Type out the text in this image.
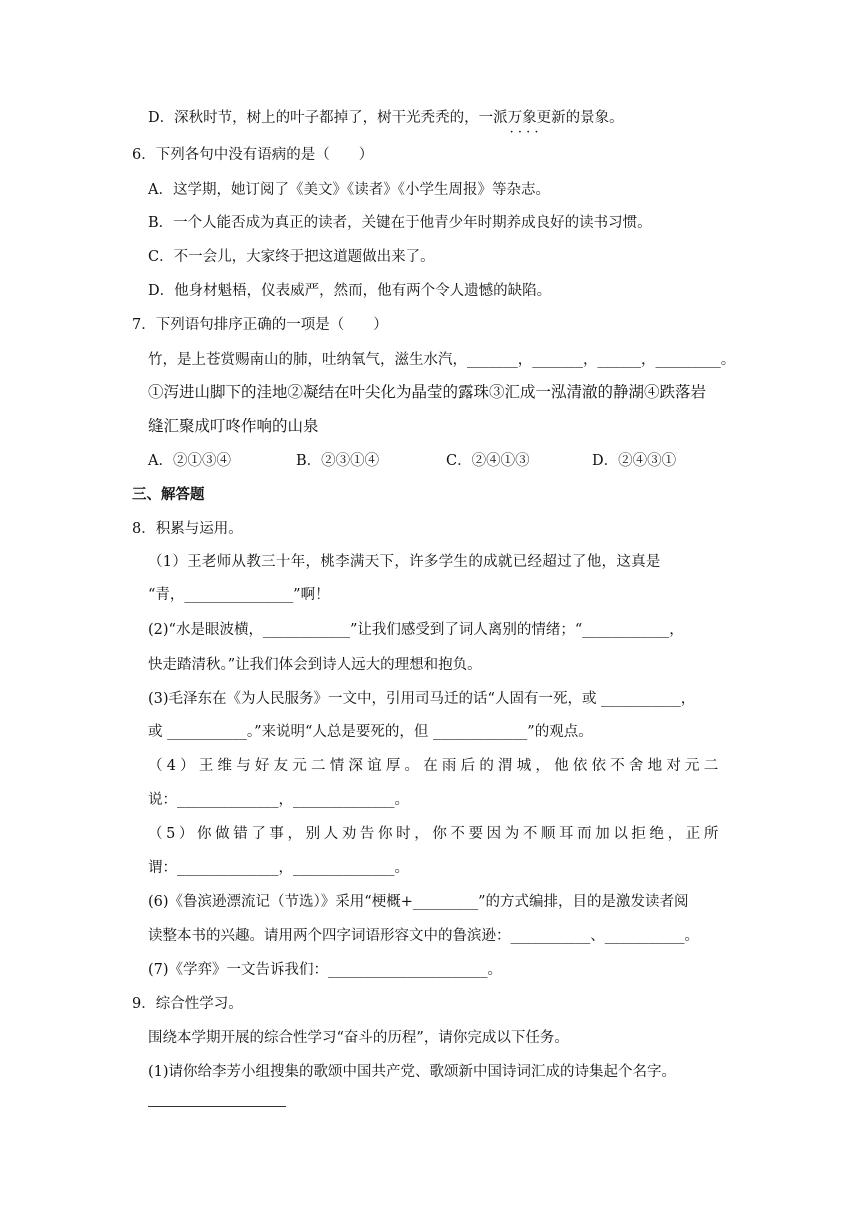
D．深秋时节，树上的叶子都掉了，树干光秃秃的，一派万象更新 · · 的景象。
6．下列各句中没有语病的是（　　）
A．这学期，她订阅了《美文》《读者》《小学生周报》等杂志。
B．一个人能否成为真正的读者，关键在于他青少年时期养成良好的读书习惯。
C．不一会儿，大家终于把这道题做出来了。
D．他身材魁梧，仪表威严，然而，他有两个令人遗憾的缺陷。
7．下列语句排序正确的一项是（　　）
竹，是上苍赏赐南山的肺，吐纳氧气，滋生水汽，_______，_______，______，_________。
①泻进山脚下的洼地②凝结在叶尖化为晶莹的露珠③汇成一泓清澈的静湖④跌落岩
缝汇聚成叮咚作响的山泉
A．②①③④	B．②③①④	C．②④①③	D．②④③①
三、解答题
8．积累与运用。
（1）王老师从教三十年，桃李满天下，许多学生的成就已经超过了他，这真是
“青，_______________”啊！
(2)“水是眼波横，____________”让我们感受到了词人离别的情绪；“____________，
快走踏清秋。”让我们体会到诗人远大的理想和抱负。
(3)毛泽东在《为人民服务》一文中，引用司马迁的话“人固有一死，或 ___________，
或 ___________。”来说明“人总是要死的，但 _____________”的观点。
（4）王维与好友元二情深谊厚。在雨后的渭城，他依依不舍地对元二
说：______________，______________。
（5）你做错了事，别人劝告你时，你不要因为不顺耳而加以拒绝，正所
谓：______________，______________。
(6)《鲁滨逊漂流记（节选）》采用“梗概+_________”的方式编排，目的是激发读者阅
读整本书的兴趣。请用两个四字词语形容文中的鲁滨逊：___________、___________。
(7)《学弈》一文告诉我们：______________________。
9．综合性学习。
围绕本学期开展的综合性学习“奋斗的历程”，请你完成以下任务。
(1)请你给李芳小组搜集的歌颂中国共产党、歌颂新中国诗词汇成的诗集起个名字。
